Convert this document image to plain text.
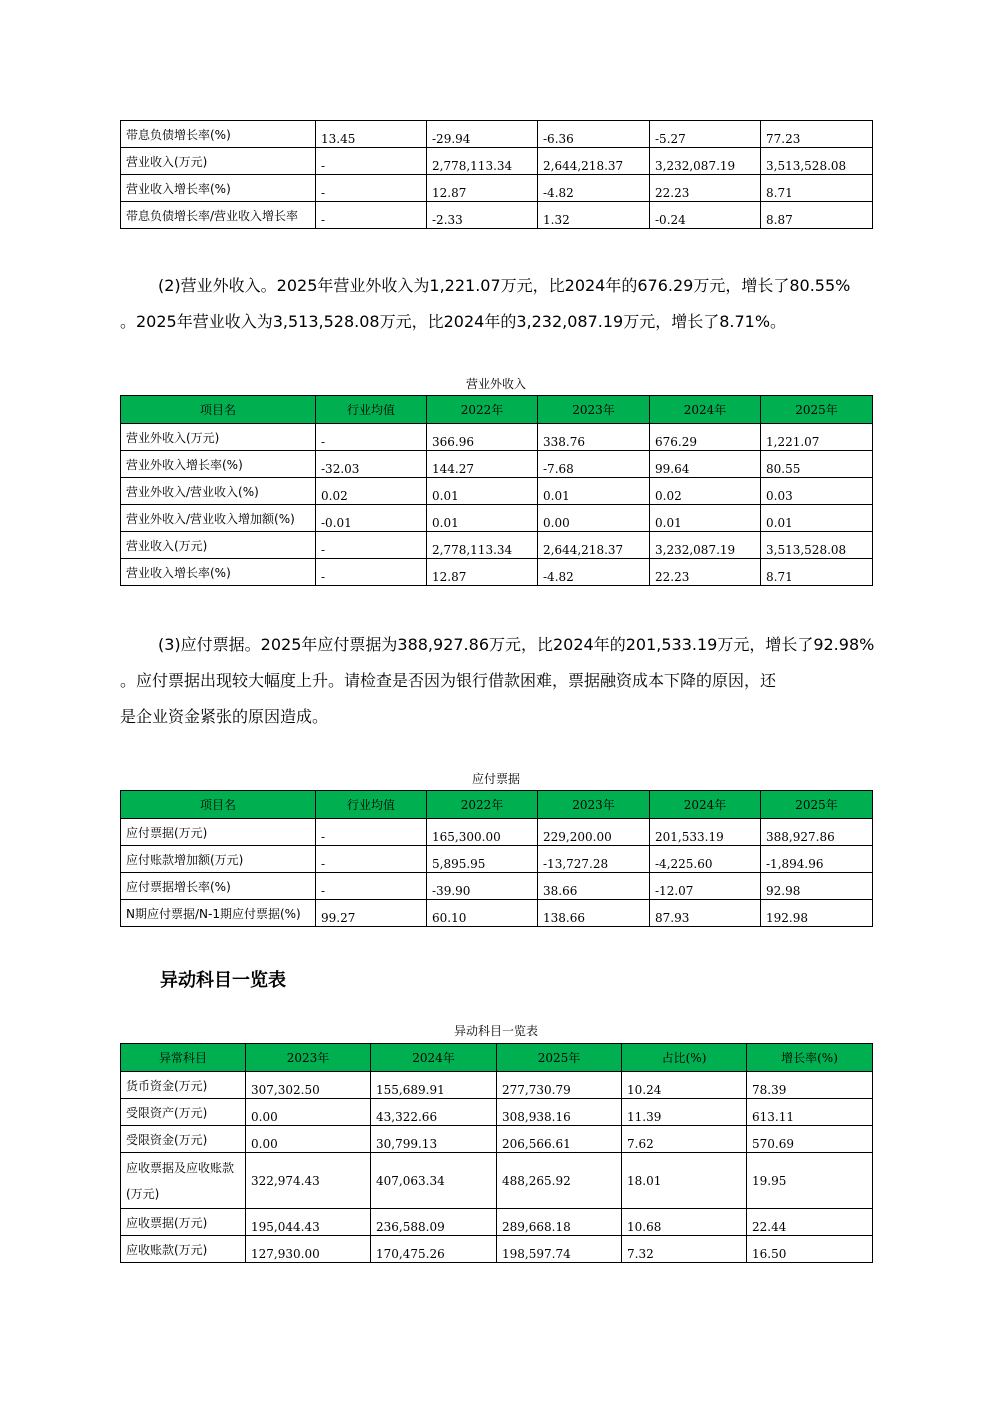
带息负债增长率(%)	13.45	-29.94	-6.36	-5.27	77.23
营业收入(万元)	-	2,778,113.34	2,644,218.37	3,232,087.19	3,513,528.08
营业收入增长率(%)	-	12.87	-4.82	22.23	8.71
带息负债增长率/营业收入增长率	-	-2.33	1.32	-0.24	8.87
(2)营业外收入。2025年营业外收入为1,221.07万元，比2024年的676.29万元，增长了80.55%
。2025年营业收入为3,513,528.08万元，比2024年的3,232,087.19万元，增长了8.71%。
营业外收入
项目名	行业均值	2022年	2023年	2024年	2025年
营业外收入(万元)	-	366.96	338.76	676.29	1,221.07
营业外收入增长率(%)	-32.03	144.27	-7.68	99.64	80.55
营业外收入/营业收入(%)	0.02	0.01	0.01	0.02	0.03
营业外收入/营业收入增加额(%)	-0.01	0.01	0.00	0.01	0.01
营业收入(万元)	-	2,778,113.34	2,644,218.37	3,232,087.19	3,513,528.08
营业收入增长率(%)	-	12.87	-4.82	22.23	8.71
(3)应付票据。2025年应付票据为388,927.86万元，比2024年的201,533.19万元，增长了92.98%
。应付票据出现较大幅度上升。请检查是否因为银行借款困难，票据融资成本下降的原因，还
是企业资金紧张的原因造成。
应付票据
项目名	行业均值	2022年	2023年	2024年	2025年
应付票据(万元)	-	165,300.00	229,200.00	201,533.19	388,927.86
应付账款增加额(万元)	-	5,895.95	-13,727.28	-4,225.60	-1,894.96
应付票据增长率(%)	-	-39.90	38.66	-12.07	92.98
N期应付票据/N-1期应付票据(%)	99.27	60.10	138.66	87.93	192.98
异动科目一览表
异动科目一览表
异常科目	2023年	2024年	2025年	占比(%)	增长率(%)
货币资金(万元)	307,302.50	155,689.91	277,730.79	10.24	78.39
受限资产(万元)	0.00	43,322.66	308,938.16	11.39	613.11
受限资金(万元)	0.00	30,799.13	206,566.61	7.62	570.69
应收票据及应收账款(万元)	322,974.43	407,063.34	488,265.92	18.01	19.95
应收票据(万元)	195,044.43	236,588.09	289,668.18	10.68	22.44
应收账款(万元)	127,930.00	170,475.26	198,597.74	7.32	16.50
